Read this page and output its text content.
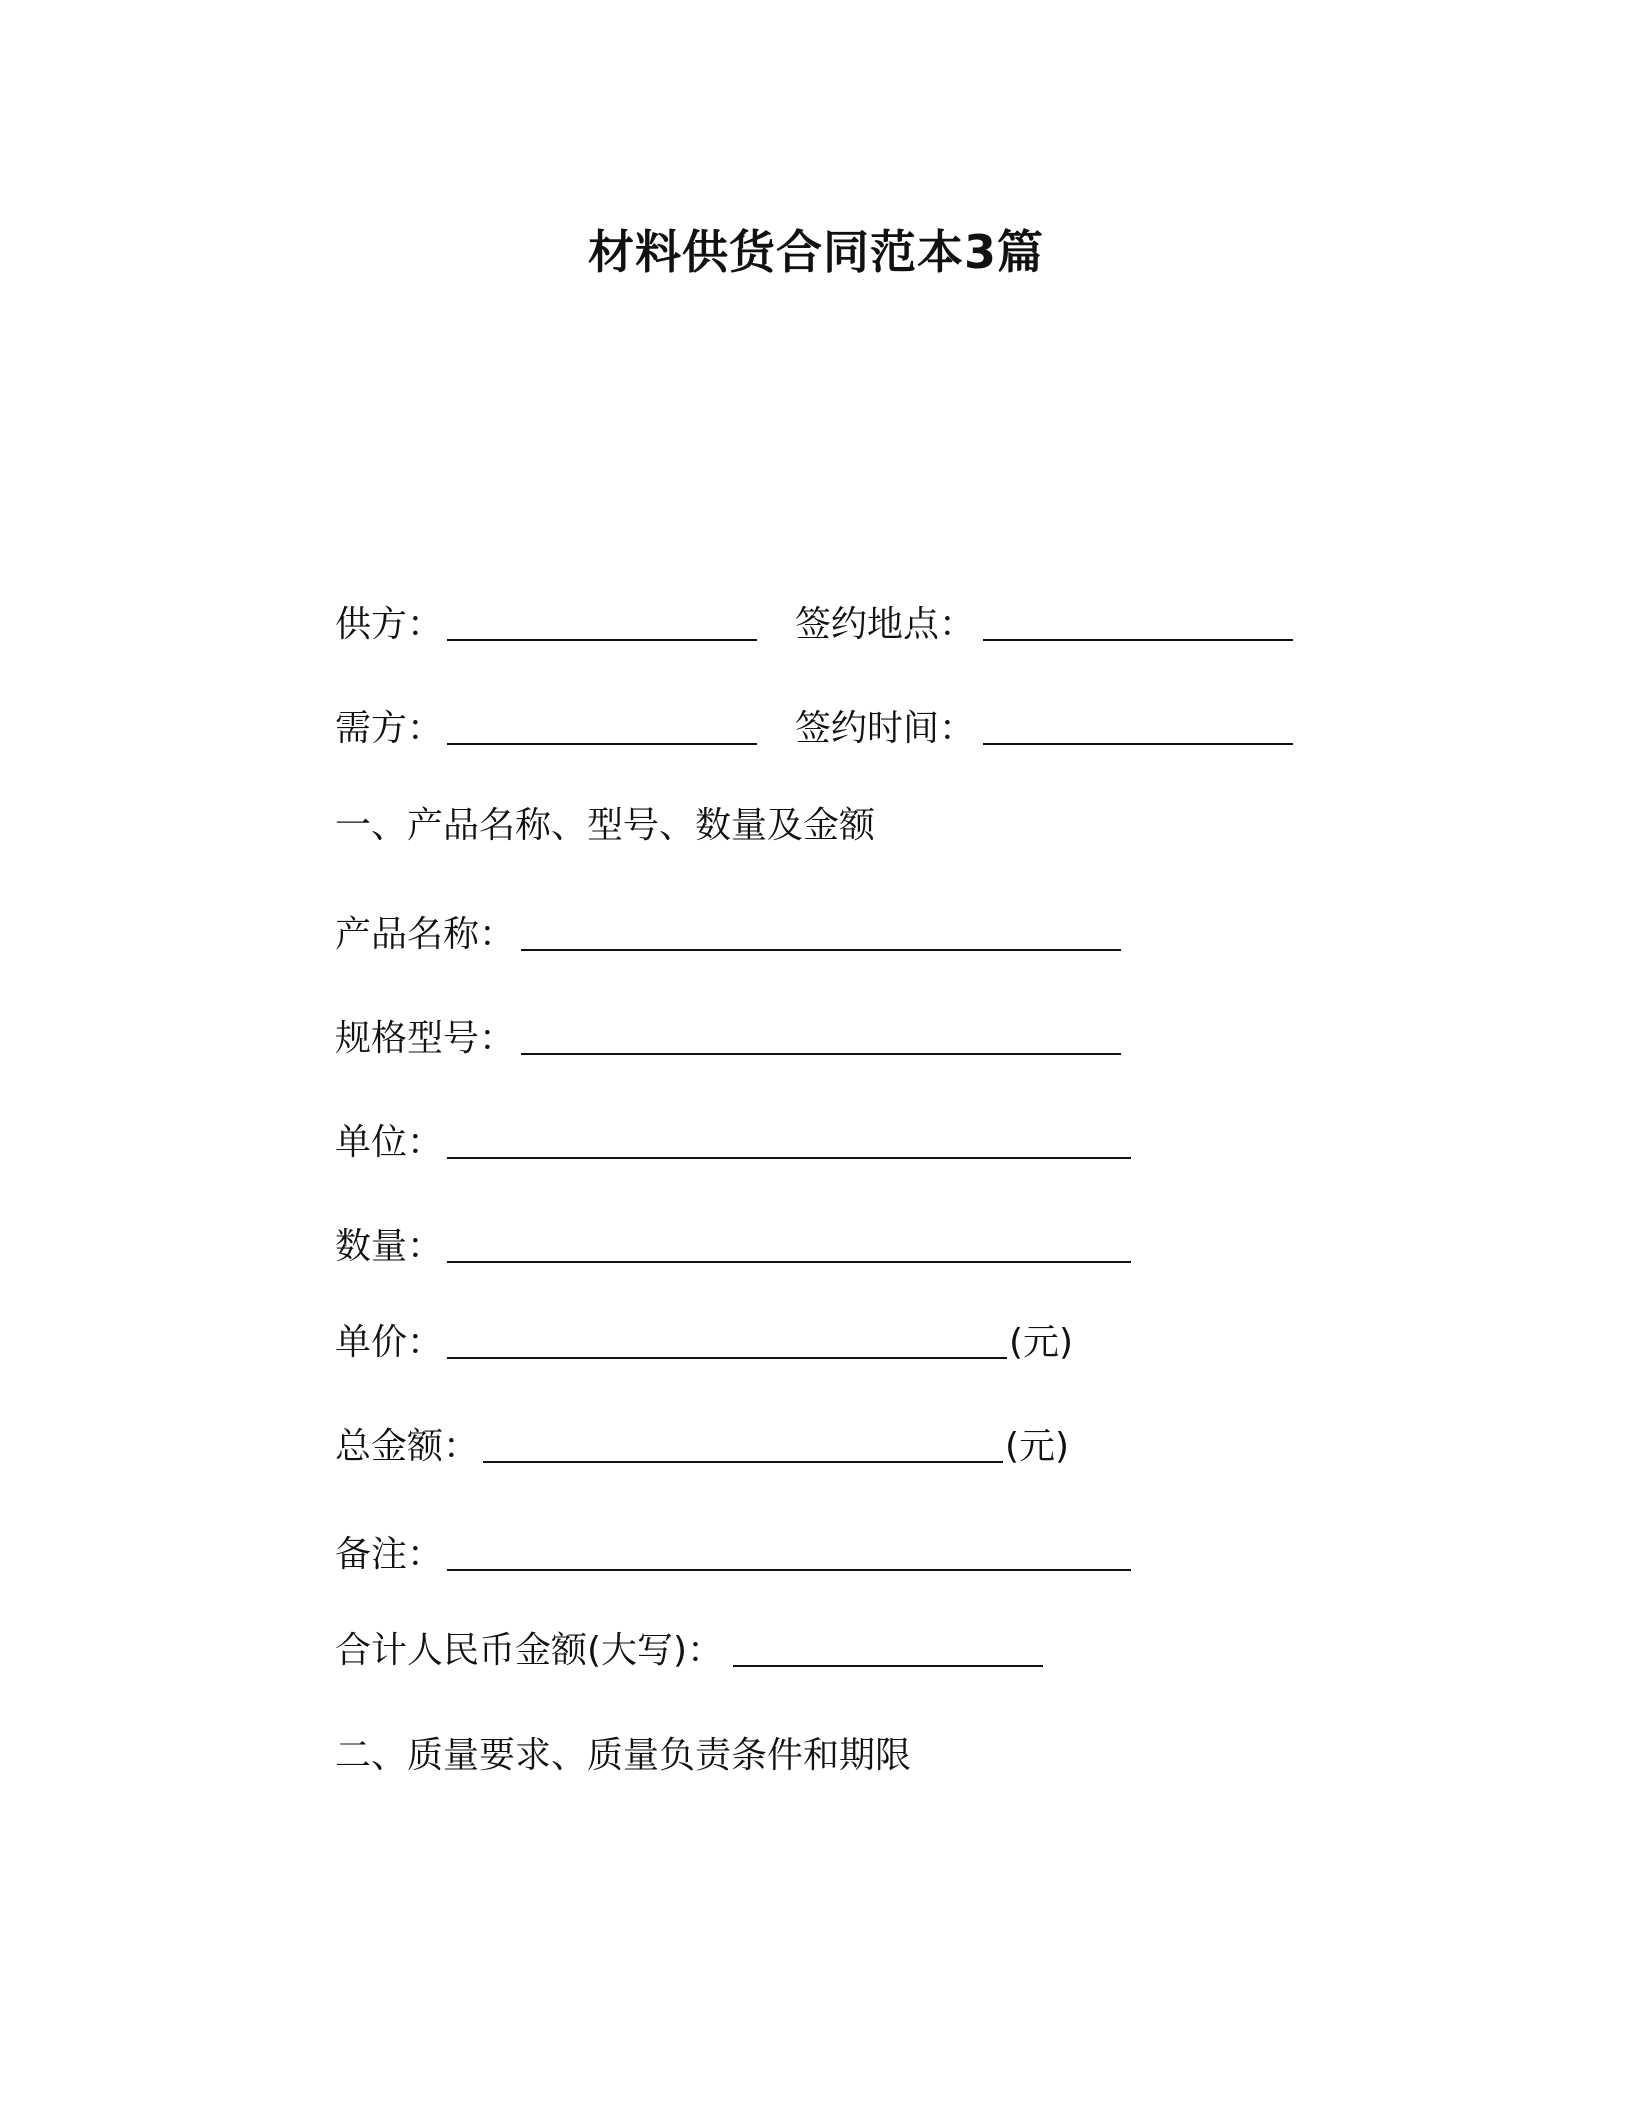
材料供货合同范本3篇
供方：	签约地点：
需方：	签约时间：
一、产品名称、型号、数量及金额
产品名称：
规格型号：
单位：
数量：
单价：	(元)
总金额：	(元)
备注：
合计人民币金额(大写)：
二、质量要求、质量负责条件和期限
